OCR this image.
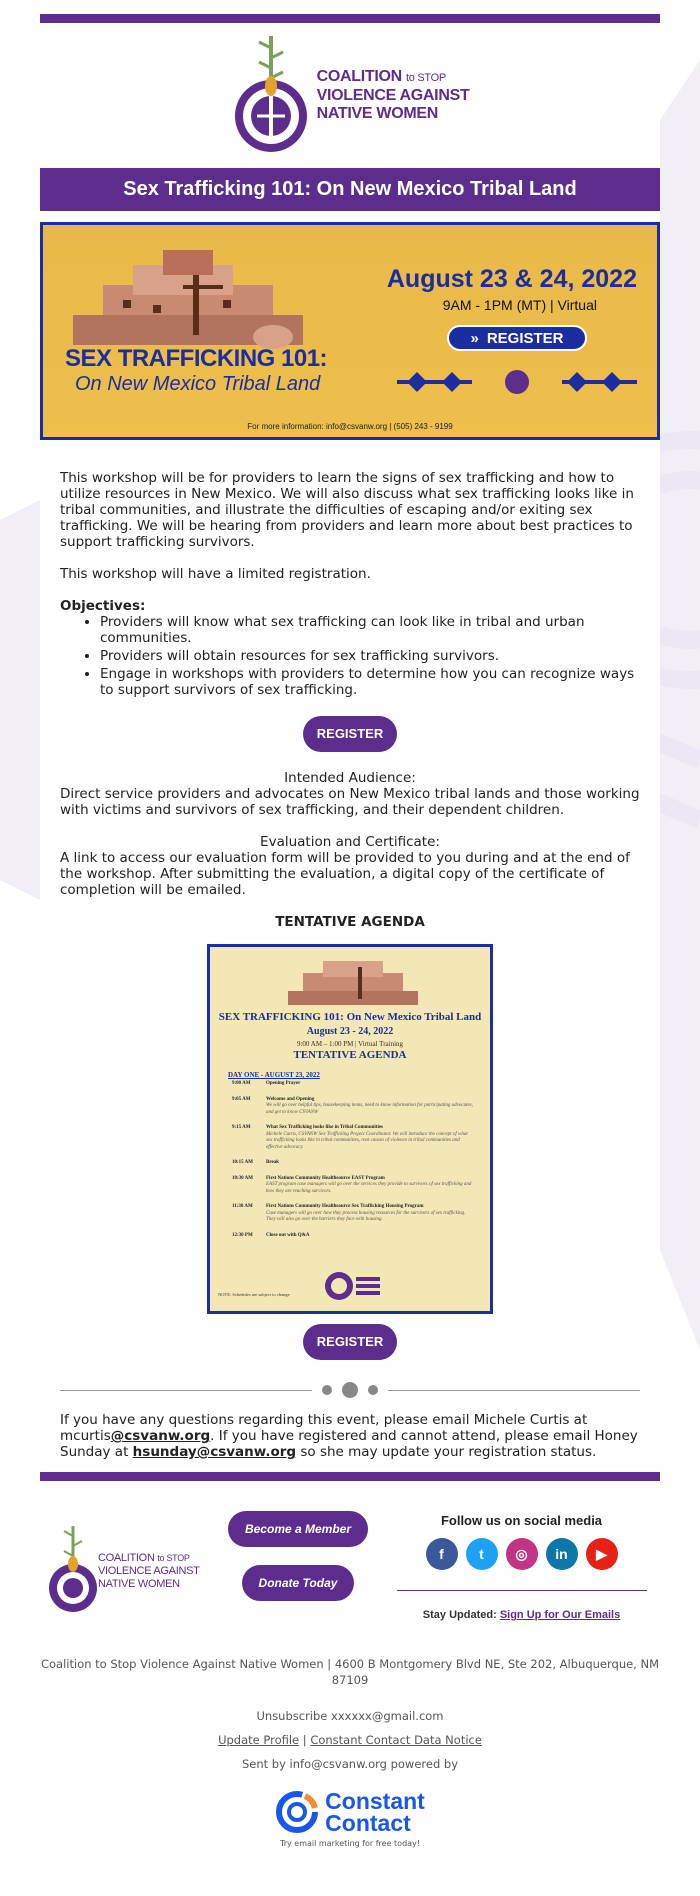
COALITION to STOP
VIOLENCE AGAINST
NATIVE WOMEN
Sex Trafficking 101: On New Mexico Tribal Land
SEX TRAFFICKING 101:
On New Mexico Tribal Land
August 23 & 24, 2022
9AM - 1PM (MT) | Virtual
» REGISTER
For more information: info@csvanw.org | (505) 243 - 9199

This workshop will be for providers to learn the signs of sex trafficking and how to utilize resources in New Mexico. We will also discuss what sex trafficking looks like in tribal communities, and illustrate the difficulties of escaping and/or exiting sex trafficking. We will be hearing from providers and learn more about best practices to support trafficking survivors.

This workshop will have a limited registration.

Objectives:
• Providers will know what sex trafficking can look like in tribal and urban communities.
• Providers will obtain resources for sex trafficking survivors.
• Engage in workshops with providers to determine how you can recognize ways to support survivors of sex trafficking.
REGISTER
Intended Audience:

Direct service providers and advocates on New Mexico tribal lands and those working with victims and survivors of sex trafficking, and their dependent children.

Evaluation and Certificate:

A link to access our evaluation form will be provided to you during and at the end of the workshop. After submitting the evaluation, a digital copy of the certificate of completion will be emailed.

TENTATIVE AGENDA
SEX TRAFFICKING 101: On New Mexico Tribal Land
August 23 - 24, 2022
9:00 AM – 1:00 PM | Virtual Training
TENTATIVE AGENDA
DAY ONE - AUGUST 23, 2022
9:00 AM	Opening Prayer
9:05 AM	Welcome and Opening
We will go over helpful tips, housekeeping items, need to know information for participating advocates, and get to know CSVANW
9:15 AM	What Sex Trafficking looks like in Tribal Communities
Michele Curtis, CSVANW Sex Trafficking Project Coordinator. We will introduce the concept of what sex trafficking looks like in tribal communities, root causes of violence in tribal communities and effective advocacy.
10:15 AM	Break
10:30 AM	First Nations Community Healthsource EAST Program
EAST program case managers will go over the services they provide to survivors of sex trafficking and how they are reaching survivors.
11:30 AM	First Nations Community Healthsource Sex Trafficking Housing Program
Case managers will go over how they process housing resources for the survivors of sex trafficking. They will also go over the barriers they face with housing.
12:30 PM	Close out with Q&A
NOTE: Schedules are subject to change
REGISTER
If you have any questions regarding this event, please email Michele Curtis at mcurtis@csvanw.org. If you have registered and cannot attend, please email Honey Sunday at hsunday@csvanw.org so she may update your registration status.
COALITION to STOP
VIOLENCE AGAINST
NATIVE WOMEN
Become a Member
Donate Today
Follow us on social media
f	t	◎	in	▶
Stay Updated: Sign Up for Our Emails
Coalition to Stop Violence Against Native Women | 4600 B Montgomery Blvd NE, Ste 202, Albuquerque, NM 87109
Unsubscribe xxxxxx@gmail.com
Update Profile | Constant Contact Data Notice
Sent by info@csvanw.org powered by
Constant
Contact
Try email marketing for free today!
